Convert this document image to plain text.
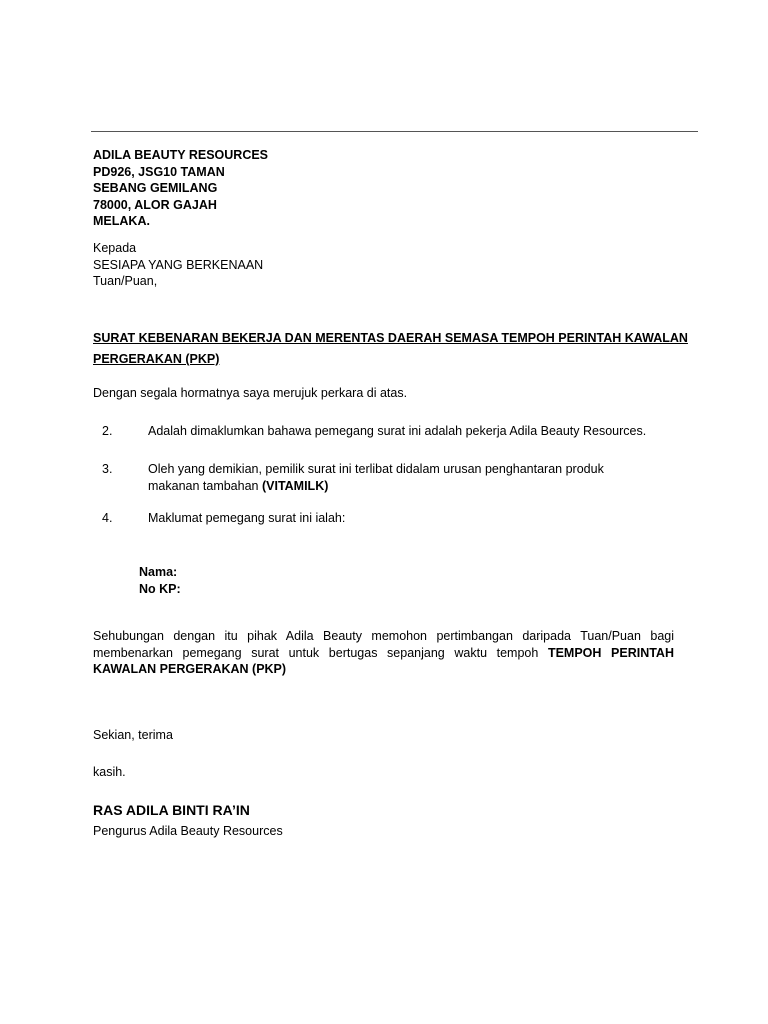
ADILA BEAUTY RESOURCES
PD926, JSG10 TAMAN
SEBANG GEMILANG
78000, ALOR GAJAH
MELAKA.
Kepada
SESIAPA YANG BERKENAAN
Tuan/Puan,
SURAT KEBENARAN BEKERJA DAN MERENTAS DAERAH SEMASA TEMPOH PERINTAH KAWALAN
PERGERAKAN (PKP)
Dengan segala hormatnya saya merujuk perkara di atas.
2.	Adalah dimaklumkan bahawa pemegang surat ini adalah pekerja Adila Beauty Resources.
3.	Oleh yang demikian, pemilik surat ini terlibat didalam urusan penghantaran produk
makanan tambahan (VITAMILK)
4.	Maklumat pemegang surat ini ialah:
Nama:
No KP:
Sehubungan dengan itu pihak Adila Beauty memohon pertimbangan daripada Tuan/Puan bagi
membenarkan pemegang surat untuk bertugas sepanjang waktu tempoh TEMPOH PERINTAH
KAWALAN PERGERAKAN (PKP)
Sekian, terima
kasih.
RAS ADILA BINTI RA’IN
Pengurus Adila Beauty Resources
